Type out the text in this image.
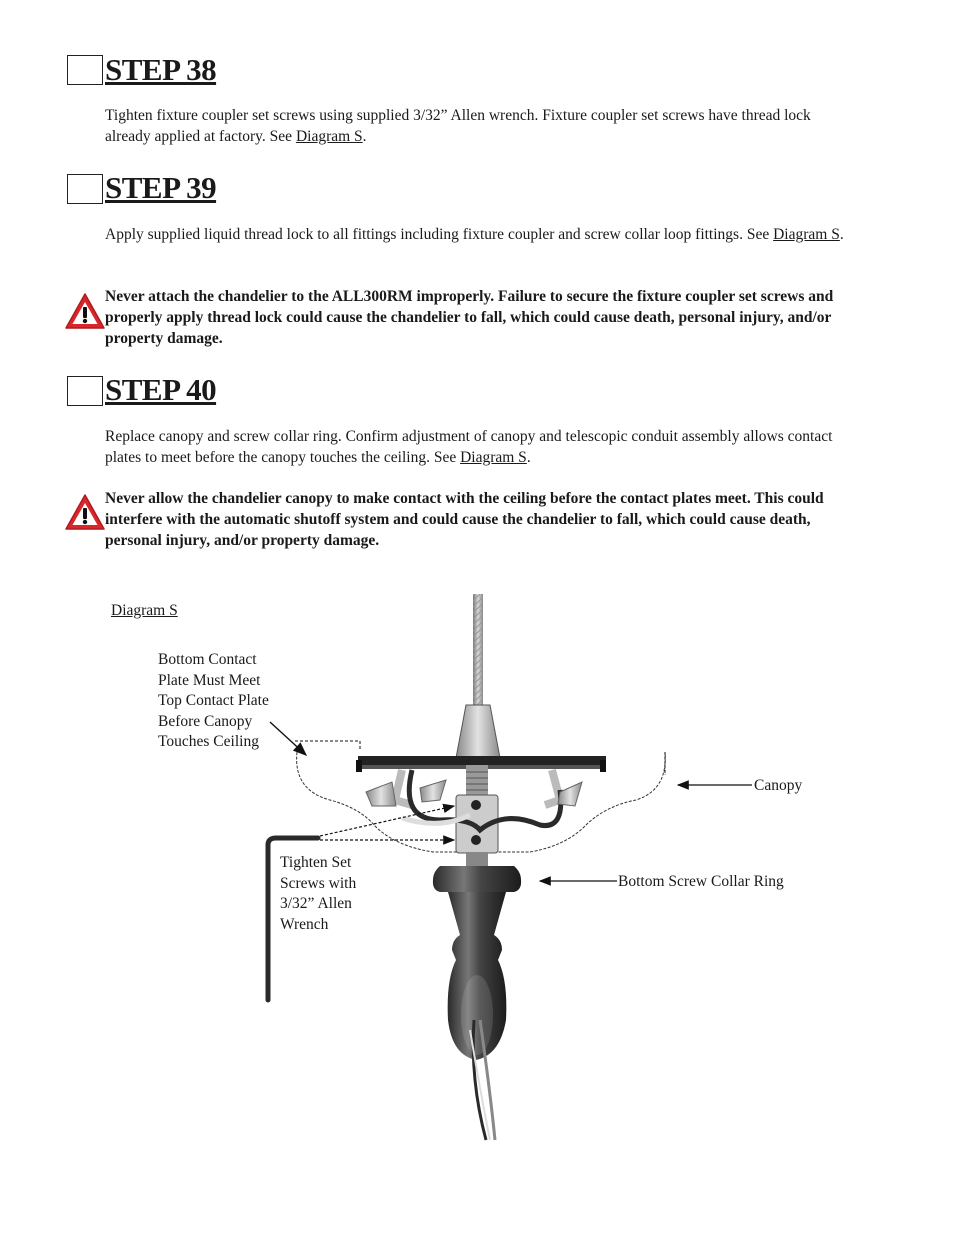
STEP 38
Tighten fixture coupler set screws using supplied 3/32” Allen wrench. Fixture coupler set screws have thread lock already applied at factory. See Diagram S.
STEP 39
Apply supplied liquid thread lock to all fittings including fixture coupler and screw collar loop fittings. See Diagram S.
Never attach the chandelier to the ALL300RM improperly. Failure to secure the fixture coupler set screws and properly apply thread lock could cause the chandelier to fall, which could cause death, personal injury, and/or property damage.
STEP 40
Replace canopy and screw collar ring. Confirm adjustment of canopy and telescopic conduit assembly allows contact plates to meet before the canopy touches the ceiling. See Diagram S.
Never allow the chandelier canopy to make contact with the ceiling before the contact plates meet. This could interfere with the automatic shutoff system and could cause the chandelier to fall, which could cause death, personal injury, and/or property damage.
Diagram S
Bottom Contact
Plate Must Meet
Top Contact Plate
Before Canopy
Touches Ceiling
Canopy
Bottom Screw Collar Ring
Tighten Set
Screws with
3/32” Allen
Wrench
